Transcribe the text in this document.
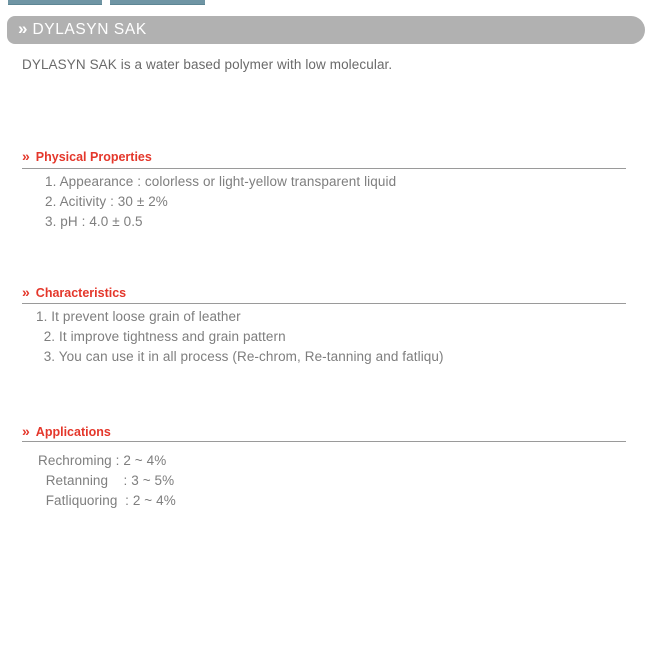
» DYLASYN SAK
DYLASYN SAK is a water based polymer with low molecular.
» Physical Properties
1. Appearance : colorless or light-yellow transparent liquid
2. Acitivity : 30 ± 2%
3. pH : 4.0 ± 0.5
» Characteristics
1. It prevent loose grain of leather
2. It improve tightness and grain pattern
3. You can use it in all process (Re-chrom, Re-tanning and fatliqu)
» Applications
Rechroming : 2 ~ 4%
Retanning    : 3 ~ 5%
Fatliquoring  : 2 ~ 4%
